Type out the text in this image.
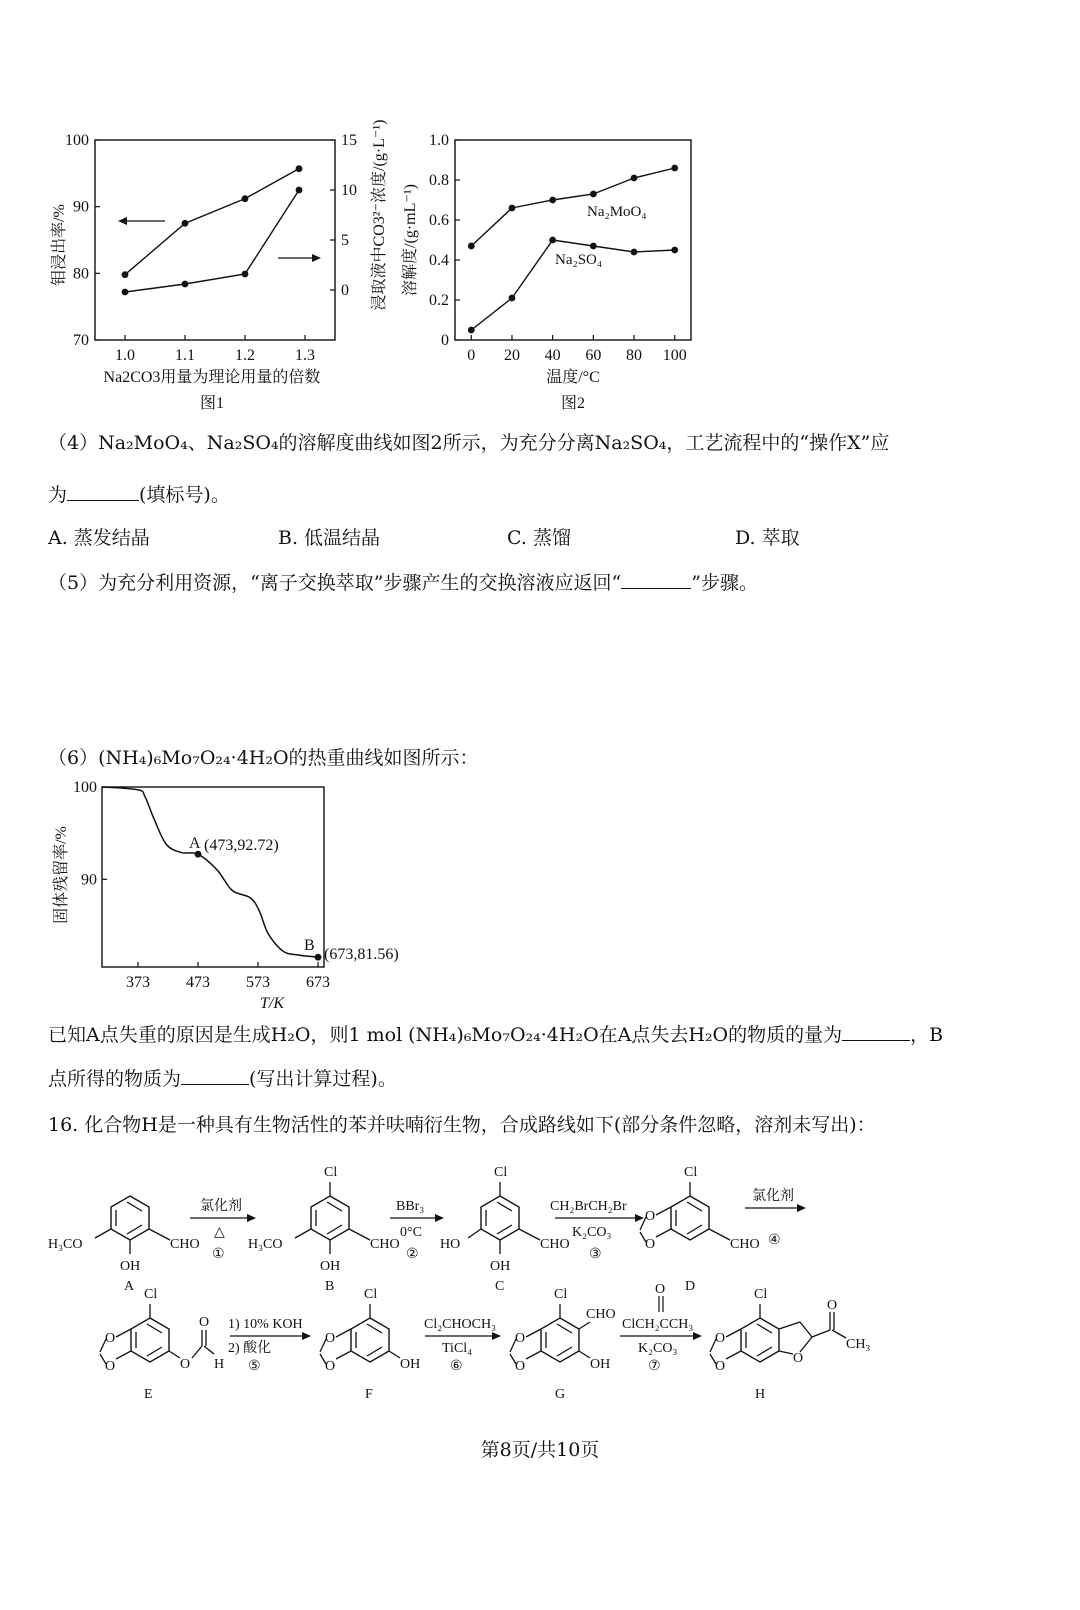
1.0	1.1	1.2	1.3
70
80
90
100
0
5
10
15
钼浸出率/%	浸取液中CO3²⁻浓度/(g·L⁻¹)
Na2CO3用量为理论用量的倍数
图1
0 20 40 60 80 100
0
0.2
0.4
0.6
0.8
1.0
溶解度/(g·mL⁻¹)
温度/°C
图2
Na₂MoO₄
Na₂SO₄
（4）Na₂MoO₄、Na₂SO₄的溶解度曲线如图2所示，为充分分离Na₂SO₄，工艺流程中的“操作X”应
为	(填标号)。
A. 蒸发结晶	B. 低温结晶	C. 蒸馏	D. 萃取
（5）为充分利用资源，“离子交换萃取”步骤产生的交换溶液应返回“	”步骤。
（6）(NH₄)₆Mo₇O₂₄·4H₂O的热重曲线如图所示：
373 473 573 673
90
100
A (473,92.72)
B
(673,81.56)
固体残留率/%
T/K
已知A点失重的原因是生成H₂O，则1 mol (NH₄)₆Mo₇O₂₄·4H₂O在A点失去H₂O的物质的量为	，B
点所得的物质为	(写出计算过程)。
16. 化合物H是一种具有生物活性的苯并呋喃衍生物，合成路线如下(部分条件忽略，溶剂未写出)：
H₃CO	CHO
OH
A
氯化剂
△
①
Cl
H₃CO	CHO
OH
B
BBr₃
0°C
②
Cl
HO	CHO
OH
C
CH₂BrCH₂Br
K₂CO₃
③
Cl
O
O	CHO
D
氯化剂
④
Cl
O
O	O
O
H
E
1) 10% KOH
2) 酸化
⑤
Cl
O
O	OH
F
Cl₂CHOCH₃
TiCl₄
⑥
Cl
CHO
O
O	OH
G
O
ClCH₂CCH₃
K₂CO₃
⑦
Cl
O
O
O
O
CH₃
H
第8页/共10页
